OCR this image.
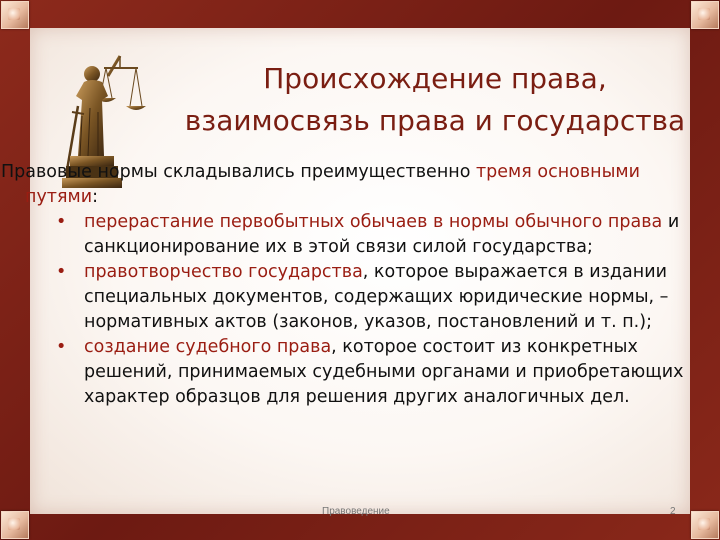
Происхождение права,
взаимосвязь права и государства
Правовые нормы складывались преимущественно тремя основными путями:
• перерастание первобытных обычаев в нормы обычного права и санкционирование их в этой связи силой государства;
• правотворчество государства, которое выражается в издании специальных документов, содержащих юридические нормы, – нормативных актов (законов, указов, постановлений и т. п.);
• создание судебного права, которое состоит из конкретных решений, принимаемых судебными органами и приобретающих характер образцов для решения других аналогичных дел.
Правоведение	2
